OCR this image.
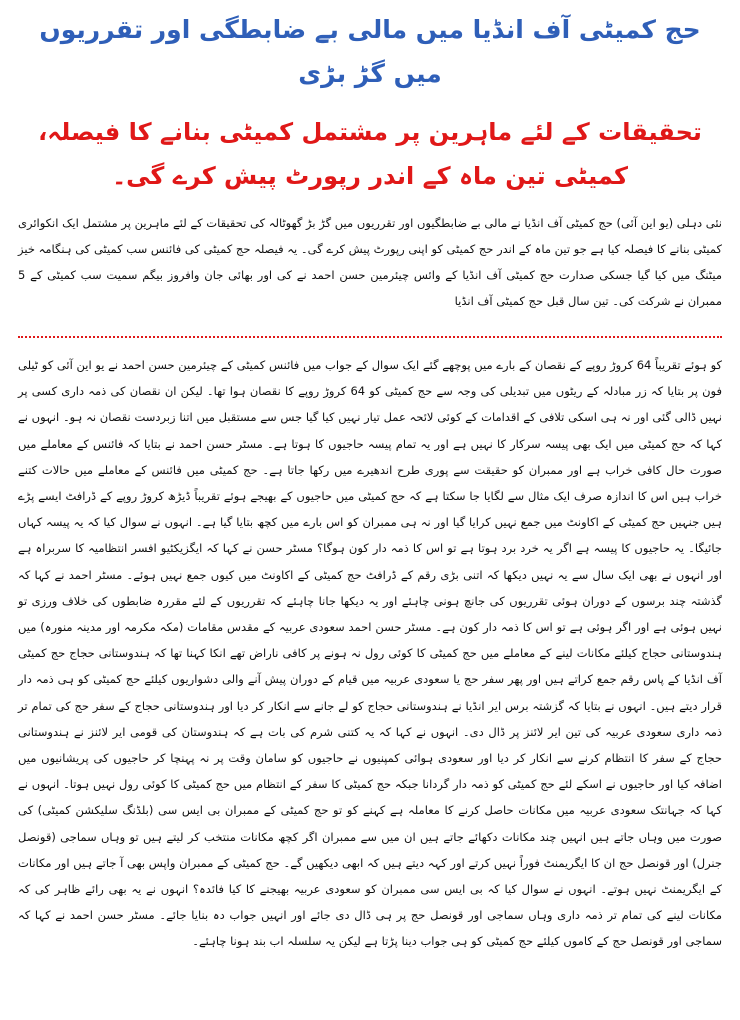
حج کمیٹی آف انڈیا میں مالی بے ضابطگی اور تقرریوں میں گڑ بڑی
تحقیقات کے لئے ماہرین پر مشتمل کمیٹی بنانے کا فیصلہ، کمیٹی تین ماہ کے اندر رپورٹ پیش کرے گی۔

نئی دہلی (یو این آئی) حج کمیٹی آف انڈیا نے مالی بے ضابطگیوں اور تقرریوں میں گڑ بڑ گھوٹالہ کی تحقیقات کے لئے ماہرین پر مشتمل ایک انکوائری کمیٹی بنانے کا فیصلہ کیا ہے جو تین ماہ کے اندر حج کمیٹی کو اپنی رپورٹ پیش کرے گی۔ یہ فیصلہ حج کمیٹی کی فائنس سب کمیٹی کی ہنگامہ خیز میٹنگ میں کیا گیا جسکی صدارت حج کمیٹی آف انڈیا کے وائس چیئرمین حسن احمد نے کی اور بھائی جان وافروز بیگم سمیت سب کمیٹی کے 5 ممبران نے شرکت کی۔ تین سال قبل حج کمیٹی آف انڈیا

کو ہوئے تقریباً 64 کروڑ روپے کے نقصان کے بارے میں پوچھے گئے ایک سوال کے جواب میں فائنس کمیٹی کے چیئرمین حسن احمد نے یو این آئی کو ٹیلی فون پر بتایا کہ زر مبادلہ کے ریٹوں میں تبدیلی کی وجہ سے حج کمیٹی کو 64 کروڑ روپے کا نقصان ہوا تھا۔ لیکن ان نقصان کی ذمہ داری کسی پر نہیں ڈالی گئی اور نہ ہی اسکی تلافی کے اقدامات کے کوئی لائحہ عمل تیار نہیں کیا گیا جس سے مستقبل میں اتنا زبردست نقصان نہ ہو۔ انہوں نے کہا کہ حج کمیٹی میں ایک بھی پیسہ سرکار کا نہیں ہے اور یہ تمام پیسہ حاجیوں کا ہوتا ہے۔ مسٹر حسن احمد نے بتایا کہ فائنس کے معاملے میں صورت حال کافی خراب ہے اور ممبران کو حقیقت سے پوری طرح اندھیرے میں رکھا جاتا ہے۔ حج کمیٹی میں فائنس کے معاملے میں حالات کتنے خراب ہیں اس کا اندازہ صرف ایک مثال سے لگایا جا سکتا ہے کہ حج کمیٹی میں حاجیوں کے بھیجے ہوئے تقریباً ڈیڑھ کروڑ روپے کے ڈرافٹ ایسے پڑے ہیں جنہیں حج کمیٹی کے اکاونٹ میں جمع نہیں کرایا گیا اور نہ ہی ممبران کو اس بارے میں کچھ بتایا گیا ہے۔ انہوں نے سوال کیا کہ یہ پیسہ کہاں جائیگا۔ یہ حاجیوں کا پیسہ ہے اگر یہ خرد برد ہوتا ہے تو اس کا ذمہ دار کون ہوگا؟ مسٹر حسن نے کہا کہ ایگزیکٹیو افسر انتظامیہ کا سربراہ ہے اور انہوں نے بھی ایک سال سے یہ نہیں دیکھا کہ اتنی بڑی رقم کے ڈرافٹ حج کمیٹی کے اکاونٹ میں کیوں جمع نہیں ہوئے۔ مسٹر احمد نے کہا کہ گذشتہ چند برسوں کے دوران ہوئی تقرریوں کی جانچ ہونی چاہئے اور یہ دیکھا جانا چاہئے کہ تقرریوں کے لئے مقررہ ضابطوں کی خلاف ورزی تو نہیں ہوئی ہے اور اگر ہوئی ہے تو اس کا ذمہ دار کون ہے۔ مسٹر حسن احمد سعودی عربیہ کے مقدس مقامات (مکہ مکرمہ اور مدینہ منورہ) میں ہندوستانی حجاج کیلئے مکانات لینے کے معاملے میں حج کمیٹی کا کوئی رول نہ ہونے پر کافی ناراض تھے انکا کہنا تھا کہ ہندوستانی حجاج حج کمیٹی آف انڈیا کے پاس رقم جمع کراتے ہیں اور پھر سفر حج یا سعودی عربیہ میں قیام کے دوران پیش آنے والی دشواریوں کیلئے حج کمیٹی کو ہی ذمہ دار قرار دیتے ہیں۔ انہوں نے بتایا کہ گزشتہ برس ایر انڈیا نے ہندوستانی حجاج کو لے جانے سے انکار کر دیا اور ہندوستانی حجاج کے سفر حج کی تمام تر ذمہ داری سعودی عربیہ کی تین ایر لائنز پر ڈال دی۔ انہوں نے کہا کہ یہ کتنی شرم کی بات ہے کہ ہندوستان کی قومی ایر لائنز نے ہندوستانی حجاج کے سفر کا انتظام کرنے سے انکار کر دیا اور سعودی ہوائی کمپنیوں نے حاجیوں کو سامان وقت پر نہ پہنچا کر حاجیوں کی پریشانیوں میں اضافہ کیا اور حاجیوں نے اسکے لئے حج کمیٹی کو ذمہ دار گردانا جبکہ حج کمیٹی کا سفر کے انتظام میں حج کمیٹی کا کوئی رول نہیں ہوتا۔ انہوں نے کہا کہ جہانتک سعودی عربیہ میں مکانات حاصل کرنے کا معاملہ ہے کہنے کو تو حج کمیٹی کے ممبران بی ایس سی (بلڈنگ سلیکشن کمیٹی) کی صورت میں وہاں جاتے ہیں انہیں چند مکانات دکھائے جاتے ہیں ان میں سے ممبران اگر کچھ مکانات منتخب کر لیتے ہیں تو وہاں سماجی (قونصل جنرل) اور قونصل حج ان کا ایگریمنٹ فوراً نہیں کرتے اور کہہ دیتے ہیں کہ ابھی دیکھیں گے۔ حج کمیٹی کے ممبران واپس بھی آ جاتے ہیں اور مکانات کے ایگریمنٹ نہیں ہوتے۔ انہوں نے سوال کیا کہ بی ایس سی ممبران کو سعودی عربیہ بھیجنے کا کیا فائدہ؟ انہوں نے یہ بھی رائے ظاہر کی کہ مکانات لینے کی تمام تر ذمہ داری وہاں سماجی اور قونصل حج پر ہی ڈال دی جائے اور انہیں جواب دہ بنایا جائے۔ مسٹر حسن احمد نے کہا کہ سماجی اور قونصل حج کے کاموں کیلئے حج کمیٹی کو ہی جواب دینا پڑتا ہے لیکن یہ سلسلہ اب بند ہونا چاہئے۔
